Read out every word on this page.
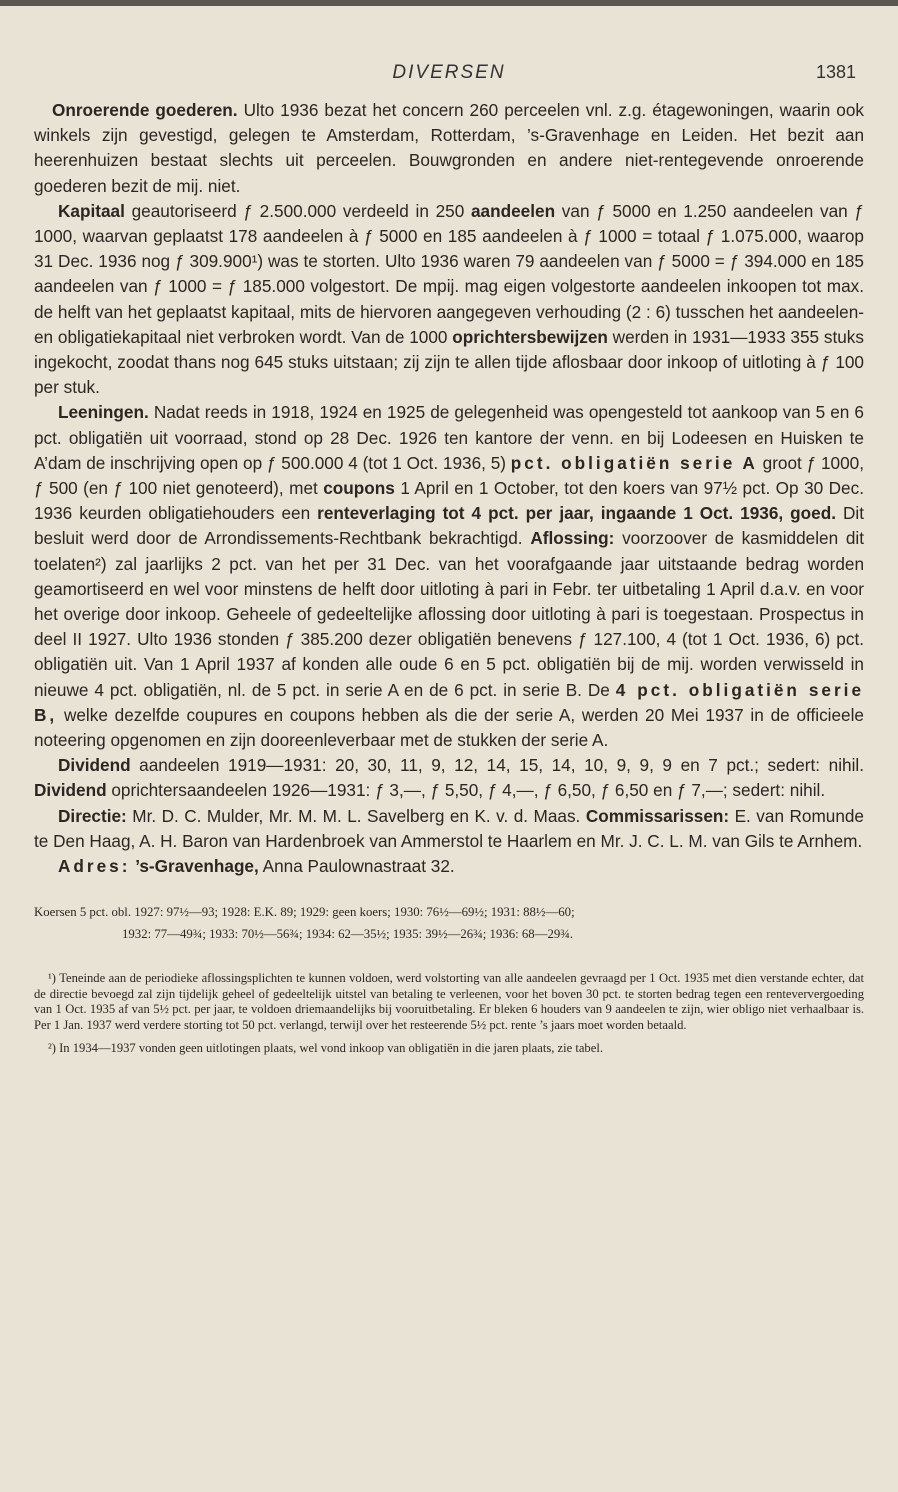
DIVERSEN	1381

Onroerende goederen. Ulto 1936 bezat het concern 260 perceelen vnl. z.g. étagewoningen, waarin ook winkels zijn gevestigd, gelegen te Amsterdam, Rotterdam, ’s-Gravenhage en Leiden. Het bezit aan heerenhuizen bestaat slechts uit perceelen. Bouwgronden en andere niet-rentegevende onroerende goederen bezit de mij. niet.

Kapitaal geautoriseerd ƒ 2.500.000 verdeeld in 250 aandeelen van ƒ 5000 en 1.250 aandeelen van ƒ 1000, waarvan geplaatst 178 aandeelen à ƒ 5000 en 185 aandeelen à ƒ 1000 = totaal ƒ 1.075.000, waarop 31 Dec. 1936 nog ƒ 309.900¹) was te storten. Ulto 1936 waren 79 aandeelen van ƒ 5000 = ƒ 394.000 en 185 aandeelen van ƒ 1000 = ƒ 185.000 volgestort. De mpij. mag eigen volgestorte aandeelen inkoopen tot max. de helft van het geplaatst kapitaal, mits de hiervoren aangegeven verhouding (2 : 6) tusschen het aandeelen- en obligatiekapitaal niet verbroken wordt. Van de 1000 oprichtersbewijzen werden in 1931—1933 355 stuks ingekocht, zoodat thans nog 645 stuks uitstaan; zij zijn te allen tijde aflosbaar door inkoop of uitloting à ƒ 100 per stuk.

Leeningen. Nadat reeds in 1918, 1924 en 1925 de gelegenheid was opengesteld tot aankoop van 5 en 6 pct. obligatiën uit voorraad, stond op 28 Dec. 1926 ten kantore der venn. en bij Lodeesen en Huisken te A’dam de inschrijving open op ƒ 500.000 4 (tot 1 Oct. 1936, 5) pct. obligatiën serie A groot ƒ 1000, ƒ 500 (en ƒ 100 niet genoteerd), met coupons 1 April en 1 October, tot den koers van 97½ pct. Op 30 Dec. 1936 keurden obligatiehouders een renteverlaging tot 4 pct. per jaar, ingaande 1 Oct. 1936, goed. Dit besluit werd door de Arrondissements-Rechtbank bekrachtigd. Aflossing: voorzoover de kasmiddelen dit toelaten²) zal jaarlijks 2 pct. van het per 31 Dec. van het voorafgaande jaar uitstaande bedrag worden geamortiseerd en wel voor minstens de helft door uitloting à pari in Febr. ter uitbetaling 1 April d.a.v. en voor het overige door inkoop. Geheele of gedeeltelijke aflossing door uitloting à pari is toegestaan. Prospectus in deel II 1927. Ulto 1936 stonden ƒ 385.200 dezer obligatiën benevens ƒ 127.100, 4 (tot 1 Oct. 1936, 6) pct. obligatiën uit. Van 1 April 1937 af konden alle oude 6 en 5 pct. obligatiën bij de mij. worden verwisseld in nieuwe 4 pct. obligatiën, nl. de 5 pct. in serie A en de 6 pct. in serie B. De 4 pct. obligatiën serie B, welke dezelfde coupures en coupons hebben als die der serie A, werden 20 Mei 1937 in de officieele noteering opgenomen en zijn dooreenleverbaar met de stukken der serie A.

Dividend aandeelen 1919—1931: 20, 30, 11, 9, 12, 14, 15, 14, 10, 9, 9, 9 en 7 pct.; sedert: nihil. Dividend oprichtersaandeelen 1926—1931: ƒ 3,—, ƒ 5,50, ƒ 4,—, ƒ 6,50, ƒ 6,50 en ƒ 7,—; sedert: nihil.

Directie: Mr. D. C. Mulder, Mr. M. M. L. Savelberg en K. v. d. Maas. Commissarissen: E. van Romunde te Den Haag, A. H. Baron van Hardenbroek van Ammerstol te Haarlem en Mr. J. C. L. M. van Gils te Arnhem.

Adres: ’s-Gravenhage, Anna Paulownastraat 32.

Koersen 5 pct. obl. 1927: 97½—93; 1928: E.K. 89; 1929: geen koers; 1930: 76½—69½; 1931: 88½—60;
1932: 77—49¾; 1933: 70½—56¾; 1934: 62—35½; 1935: 39½—26¾; 1936: 68—29¾.

¹) Teneinde aan de periodieke aflossingsplichten te kunnen voldoen, werd volstorting van alle aandeelen gevraagd per 1 Oct. 1935 met dien verstande echter, dat de directie bevoegd zal zijn tijdelijk geheel of gedeeltelijk uitstel van betaling te verleenen, voor het boven 30 pct. te storten bedrag tegen een renteververgoeding van 1 Oct. 1935 af van 5½ pct. per jaar, te voldoen driemaandelijks bij vooruitbetaling. Er bleken 6 houders van 9 aandeelen te zijn, wier obligo niet verhaalbaar is. Per 1 Jan. 1937 werd verdere storting tot 50 pct. verlangd, terwijl over het resteerende 5½ pct. rente ’s jaars moet worden betaald.

²) In 1934—1937 vonden geen uitlotingen plaats, wel vond inkoop van obligatiën in die jaren plaats, zie tabel.
